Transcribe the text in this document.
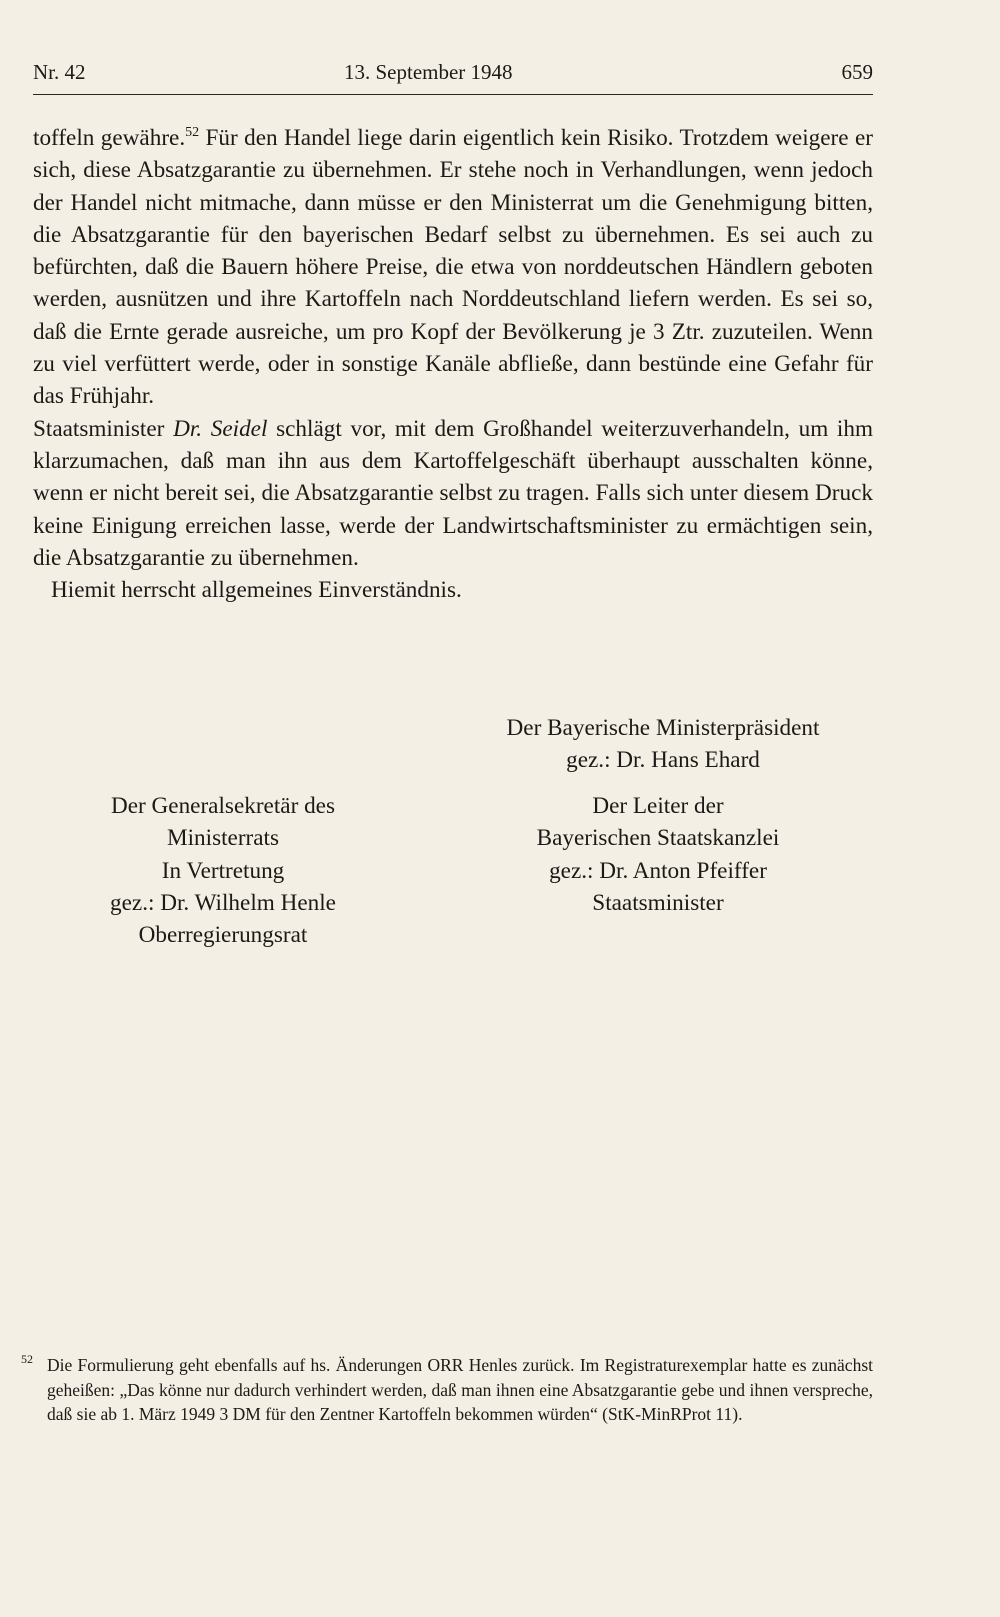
Nr. 42	13. September 1948	659

toffeln gewähre.$^{52}$ Für den Handel liege darin eigentlich kein Risiko. Trotzdem weigere er sich, diese Absatzgarantie zu übernehmen. Er stehe noch in Verhandlungen, wenn jedoch der Handel nicht mitmache, dann müsse er den Ministerrat um die Genehmigung bitten, die Absatzgarantie für den bayerischen Bedarf selbst zu übernehmen. Es sei auch zu befürchten, daß die Bauern höhere Preise, die etwa von norddeutschen Händlern geboten werden, ausnützen und ihre Kartoffeln nach Norddeutschland liefern werden. Es sei so, daß die Ernte gerade ausreiche, um pro Kopf der Bevölkerung je 3 Ztr. zuzuteilen. Wenn zu viel verfüttert werde, oder in sonstige Kanäle abfließe, dann bestünde eine Gefahr für das Frühjahr.

Staatsminister Dr. Seidel schlägt vor, mit dem Großhandel weiterzuverhandeln, um ihm klarzumachen, daß man ihn aus dem Kartoffelgeschäft überhaupt ausschalten könne, wenn er nicht bereit sei, die Absatzgarantie selbst zu tragen. Falls sich unter diesem Druck keine Einigung erreichen lasse, werde der Landwirtschaftsminister zu ermächtigen sein, die Absatzgarantie zu übernehmen.

Hiemit herrscht allgemeines Einverständnis.

Der Bayerische Ministerpräsident
gez.: Dr. Hans Ehard
Der Generalsekretär des
Ministerrats
In Vertretung
gez.: Dr. Wilhelm Henle
Oberregierungsrat
Der Leiter der
Bayerischen Staatskanzlei
gez.: Dr. Anton Pfeiffer
Staatsminister
52 Die Formulierung geht ebenfalls auf hs. Änderungen ORR Henles zurück. Im Registraturexemplar hatte es zunächst geheißen: „Das könne nur dadurch verhindert werden, daß man ihnen eine Absatzgarantie gebe und ihnen verspreche, daß sie ab 1. März 1949 3 DM für den Zentner Kartoffeln bekommen würden“ (StK-MinRProt 11).
